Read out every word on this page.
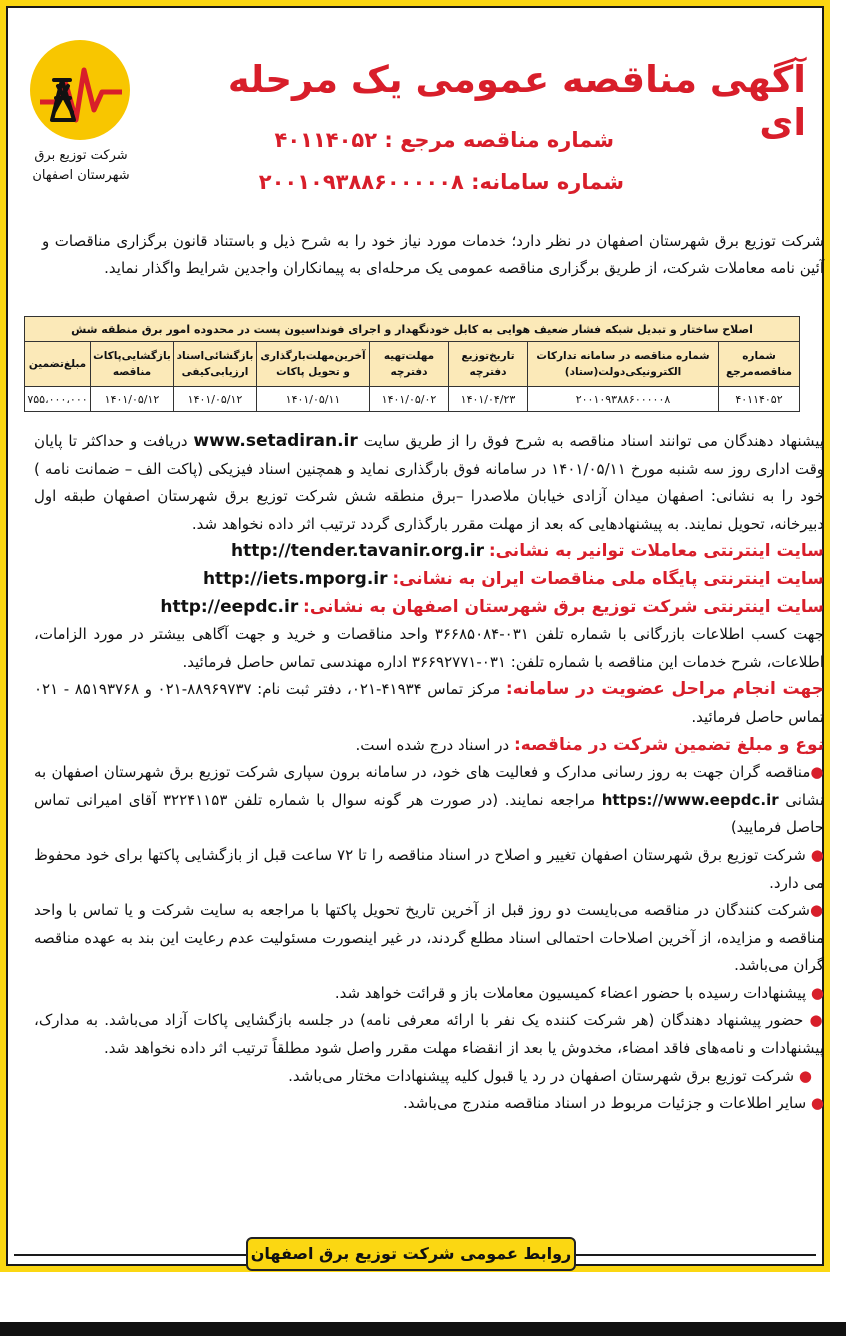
شرکت توزیع برق
شهرستان اصفهان
آگهی مناقصه عمومی یک مرحله ای
شماره مناقصه مرجع : ۴۰۱۱۴۰۵۲
شماره سامانه: ۲۰۰۱۰۹۳۸۸۶۰۰۰۰۰۸
شرکت توزیع برق شهرستان اصفهان در نظر دارد؛ خدمات مورد نیاز خود را به شرح ذیل و باستناد قانون برگزاری مناقصات و آئین نامه معاملات شرکت، از طریق برگزاری مناقصه عمومی یک مرحله‌ای به پیمانکاران واجدین شرایط واگذار نماید.
اصلاح ساختار و تبدیل شبکه فشار ضعیف هوایی به کابل خودنگهدار و اجرای فونداسیون پست در محدوده امور برق منطقه شش							
شماره مناقصه‌مرجع	شماره مناقصه در سامانه تدارکات الکترونیکی‌دولت(ستاد)	تاریخ‌توزیع دفترچه	مهلت‌تهیه دفترچه	آخرین‌مهلت‌بارگذاری و تحویل پاکات	بازگشائی‌اسناد ارزیابی‌کیفی	بازگشایی‌پاکات مناقصه	مبلغ‌تضمین
۴۰۱۱۴۰۵۲	۲۰۰۱۰۹۳۸۸۶۰۰۰۰۰۸	۱۴۰۱/۰۴/۲۳	۱۴۰۱/۰۵/۰۲	۱۴۰۱/۰۵/۱۱	۱۴۰۱/۰۵/۱۲	۱۴۰۱/۰۵/۱۲	۷۵۵،۰۰۰،۰۰۰

پیشنهاد دهندگان می توانند اسناد مناقصه به شرح فوق را از طریق سایت www.setadiran.ir دریافت و حداکثر تا پایان وقت اداری روز سه شنبه مورخ ۱۴۰۱/۰۵/۱۱ در سامانه فوق بارگذاری نماید و همچنین اسناد فیزیکی (پاکت الف – ضمانت نامه ) خود را به نشانی: اصفهان میدان آزادی خیابان ملاصدرا –برق منطقه شش شرکت توزیع برق شهرستان اصفهان طبقه اول دبیرخانه، تحویل نمایند. به پیشنهادهایی که بعد از مهلت مقرر بارگذاری گردد ترتیب اثر داده نخواهد شد.

سایت اینترنتی معاملات توانیر به نشانی: http://tender.tavanir.org.ir

سایت اینترنتی پایگاه ملی مناقصات ایران به نشانی: http://iets.mporg.ir

سایت اینترنتی شرکت توزیع برق شهرستان اصفهان به نشانی: http://eepdc.ir

جهت کسب اطلاعات بازرگانی با شماره تلفن ۰۳۱-۳۶۶۸۵۰۸۴ واحد مناقصات و خرید و جهت آگاهی بیشتر در مورد الزامات، اطلاعات، شرح خدمات این مناقصه با شماره تلفن: ۰۳۱-۳۶۶۹۲۷۷۱ اداره مهندسی تماس حاصل فرمائید.

جهت انجام مراحل عضویت در سامانه: مرکز تماس ۴۱۹۳۴-۰۲۱، دفتر ثبت نام: ۸۸۹۶۹۷۳۷-۰۲۱ و ۸۵۱۹۳۷۶۸ - ۰۲۱ تماس حاصل فرمائید.

نوع و مبلغ تضمین شرکت در مناقصه: در اسناد درج شده است.

●مناقصه گران جهت به روز رسانی مدارک و فعالیت های خود، در سامانه برون سپاری شرکت توزیع برق شهرستان اصفهان به نشانی https://www.eepdc.ir مراجعه نمایند. (در صورت هر گونه سوال با شماره تلفن ۳۲۲۴۱۱۵۳ آقای امیرانی تماس حاصل فرمایید)

● شرکت توزیع برق شهرستان اصفهان تغییر و اصلاح در اسناد مناقصه را تا ۷۲ ساعت قبل از بازگشایی پاکتها برای خود محفوظ می دارد.

●شرکت کنندگان در مناقصه می‌بایست دو روز قبل از آخرین تاریخ تحویل پاکتها با مراجعه به سایت شرکت و یا تماس با واحد مناقصه و مزایده، از آخرین اصلاحات احتمالی اسناد مطلع گردند، در غیر اینصورت مسئولیت عدم رعایت این بند به عهده مناقصه گران می‌باشد.

● پیشنهادات رسیده با حضور اعضاء کمیسیون معاملات باز و قرائت خواهد شد.

● حضور پیشنهاد دهندگان (هر شرکت کننده یک نفر با ارائه معرفی نامه) در جلسه بازگشایی پاکات آزاد می‌باشد. به مدارک، پیشنهادات و نامه‌های فاقد امضاء، مخدوش یا بعد از انقضاء مهلت مقرر واصل شود مطلقاً ترتیب اثر داده نخواهد شد.

● شرکت توزیع برق شهرستان اصفهان در رد یا قبول کلیه پیشنهادات مختار می‌باشد.

● سایر اطلاعات و جزئیات مربوط در اسناد مناقصه مندرج می‌باشد.

روابط عمومی شرکت توزیع برق اصفهان
